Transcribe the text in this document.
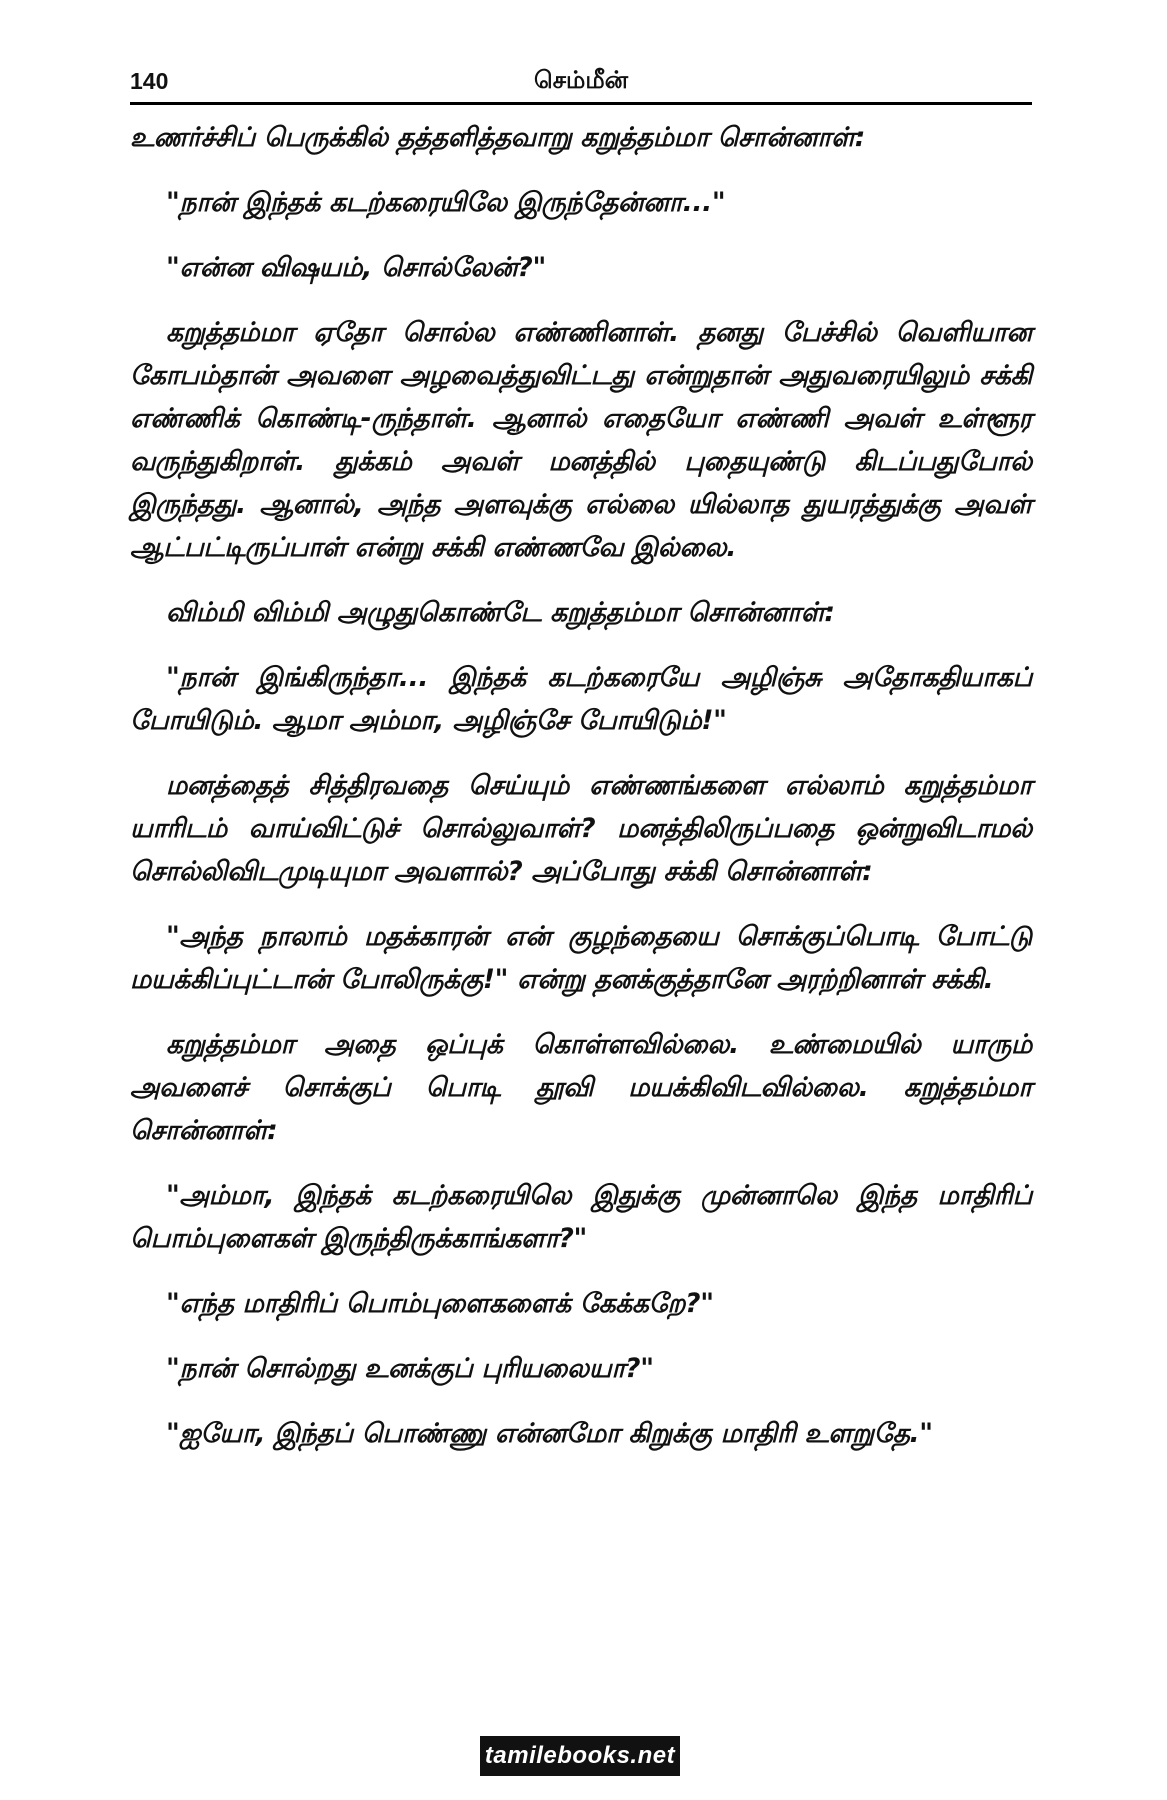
140	செம்மீன்

உணர்ச்சிப் பெருக்கில் தத்தளித்தவாறு கறுத்தம்மா சொன்னாள்:

"நான் இந்தக் கடற்கரையிலே இருந்தேன்னா..."

"என்ன விஷயம், சொல்லேன்?"

கறுத்தம்மா ஏதோ சொல்ல எண்ணினாள். தனது பேச்சில் வெளியான கோபம்தான் அவளை அழவைத்துவிட்டது என்றுதான் அதுவரையிலும் சக்கி எண்ணிக் கொண்டி-ருந்தாள். ஆனால் எதையோ எண்ணி அவள் உள்ளூர வருந்துகிறாள். துக்கம் அவள் மனத்தில் புதையுண்டு கிடப்பதுபோல் இருந்தது. ஆனால், அந்த அளவுக்கு எல்லை யில்லாத துயரத்துக்கு அவள் ஆட்பட்டிருப்பாள் என்று சக்கி எண்ணவே இல்லை.

விம்மி விம்மி அழுதுகொண்டே கறுத்தம்மா சொன்னாள்:

"நான் இங்கிருந்தா... இந்தக் கடற்கரையே அழிஞ்சு அதோகதியாகப் போயிடும். ஆமா அம்மா, அழிஞ்சே போயிடும்!"

மனத்தைத் சித்திரவதை செய்யும் எண்ணங்களை எல்லாம் கறுத்தம்மா யாரிடம் வாய்விட்டுச் சொல்லுவாள்? மனத்திலிருப்பதை ஒன்றுவிடாமல் சொல்லிவிடமுடியுமா அவளால்? அப்போது சக்கி சொன்னாள்:

"அந்த நாலாம் மதக்காரன் என் குழந்தையை சொக்குப்பொடி போட்டு மயக்கிப்புட்டான் போலிருக்கு!" என்று தனக்குத்தானே அரற்றினாள் சக்கி.

கறுத்தம்மா அதை ஒப்புக் கொள்ளவில்லை. உண்மையில் யாரும் அவளைச் சொக்குப் பொடி தூவி மயக்கிவிடவில்லை. கறுத்தம்மா சொன்னாள்:

"அம்மா, இந்தக் கடற்கரையிலெ இதுக்கு முன்னாலெ இந்த மாதிரிப் பொம்புளைகள் இருந்திருக்காங்களா?"

"எந்த மாதிரிப் பொம்புளைகளைக் கேக்கறே?"

"நான் சொல்றது உனக்குப் புரியலையா?"

"ஐயோ, இந்தப் பொண்ணு என்னமோ கிறுக்கு மாதிரி உளறுதே."

tamilebooks.net
